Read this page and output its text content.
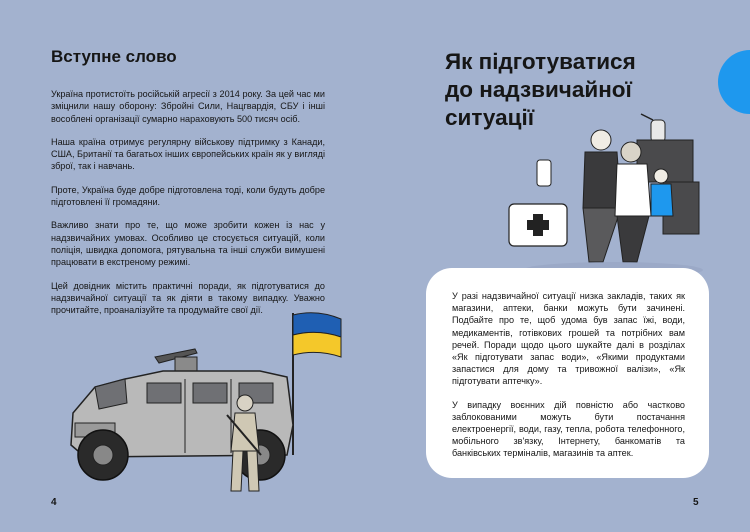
Вступне слово

Україна протистоїть російській агресії з 2014 року. За цей час ми зміцнили нашу оборону: Збройні Сили, Нацгвардія, СБУ і інші вособлені організації сумарно нараховують 500 тисяч осіб.

Наша країна отримує регулярну військову підтримку з Канади, США, Британії та багатьох інших європейських країн як у вигляді зброї, так і навчань.

Проте, Україна буде добре підготовлена тоді, коли будуть добре підготовлені її громадяни.

Важливо знати про те, що може зробити кожен із нас у надзвичайних умовах. Особливо це стосується ситуацій, коли поліція, швидка допомога, рятувальна та інші служби вимушені працювати в екстреному режимі.

Цей довідник містить практичні поради, як підготуватися до надзвичайної ситуації та як діяти в такому випадку. Уважно прочитайте, проаналізуйте та продумайте свої дії.

4
Як підготуватися
до надзвичайної
ситуації

У разі надзвичайної ситуації низка закладів, таких як магазини, аптеки, банки можуть бути зачинені. Подбайте про те, щоб удома був запас їжі, води, медикаментів, готівкових грошей та потрібних вам речей. Поради щодо цього шукайте далі в розділах «Як підготувати запас води», «Якими продуктами запастися для дому та тривожної валізи», «Як підготувати аптечку».

У випадку воєнних дій повністю або частково заблокованими можуть бути постачання електроенергії, води, газу, тепла, робота телефонного, мобільного зв'язку, Інтернету, банкоматів та банківських терміналів, магазинів та аптек.

5
